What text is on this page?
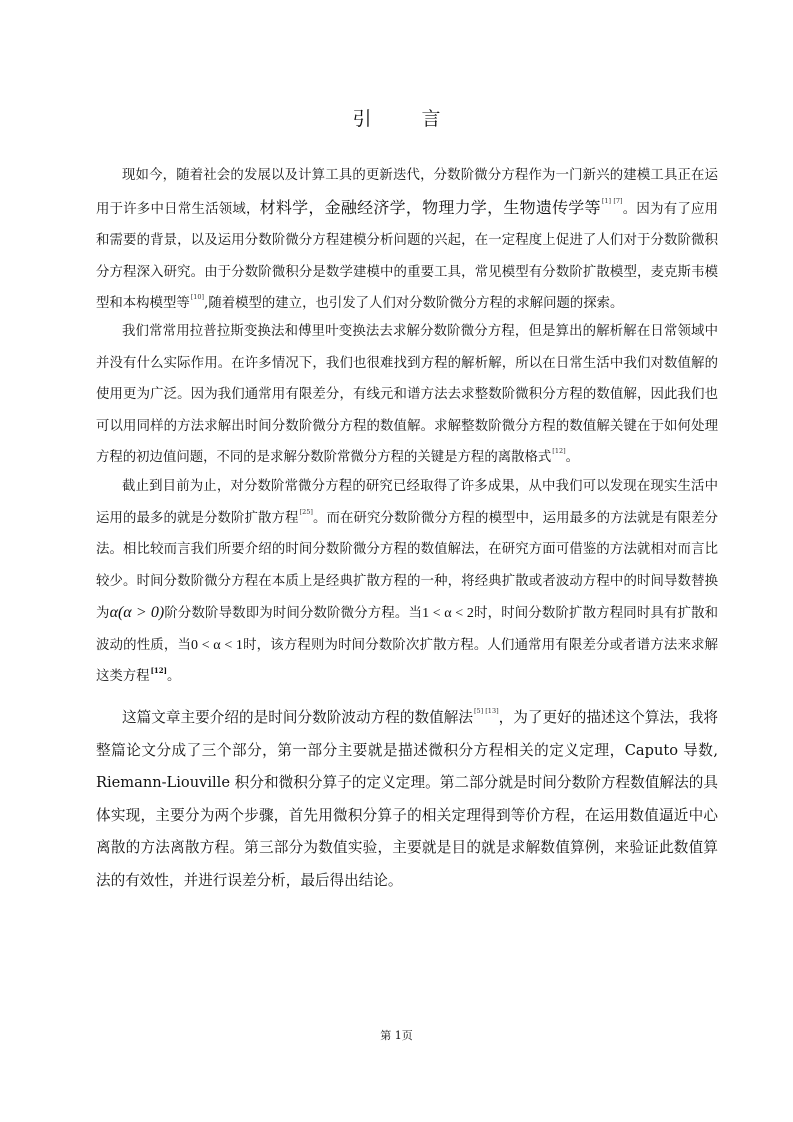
引 言

现如今，随着社会的发展以及计算工具的更新迭代，分数阶微分方程作为一门新兴的建模工具正在运用于许多中日常生活领域，材料学，金融经济学，物理力学，生物遗传学等[1] [7]。因为有了应用和需要的背景，以及运用分数阶微分方程建模分析问题的兴起，在一定程度上促进了人们对于分数阶微积分方程深入研究。由于分数阶微积分是数学建模中的重要工具，常见模型有分数阶扩散模型，麦克斯韦模型和本构模型等[10],随着模型的建立，也引发了人们对分数阶微分方程的求解问题的探索。

我们常常用拉普拉斯变换法和傅里叶变换法去求解分数阶微分方程，但是算出的解析解在日常领域中并没有什么实际作用。在许多情况下，我们也很难找到方程的解析解，所以在日常生活中我们对数值解的使用更为广泛。因为我们通常用有限差分，有线元和谱方法去求整数阶微积分方程的数值解，因此我们也可以用同样的方法求解出时间分数阶微分方程的数值解。求解整数阶微分方程的数值解关键在于如何处理方程的初边值问题，不同的是求解分数阶常微分方程的关键是方程的离散格式[12]。

截止到目前为止，对分数阶常微分方程的研究已经取得了许多成果，从中我们可以发现在现实生活中运用的最多的就是分数阶扩散方程[25]。而在研究分数阶微分方程的模型中，运用最多的方法就是有限差分法。相比较而言我们所要介绍的时间分数阶微分方程的数值解法，在研究方面可借鉴的方法就相对而言比较少。时间分数阶微分方程在本质上是经典扩散方程的一种，将经典扩散或者波动方程中的时间导数替换为α(α > 0)阶分数阶导数即为时间分数阶微分方程。当1 < α < 2时，时间分数阶扩散方程同时具有扩散和波动的性质，当0 < α < 1时，该方程则为时间分数阶次扩散方程。人们通常用有限差分或者谱方法来求解这类方程[12]。

这篇文章主要介绍的是时间分数阶波动方程的数值解法[5] [13]，为了更好的描述这个算法，我将整篇论文分成了三个部分，第一部分主要就是描述微积分方程相关的定义定理，Caputo 导数, Riemann-Liouville 积分和微积分算子的定义定理。第二部分就是时间分数阶方程数值解法的具体实现，主要分为两个步骤，首先用微积分算子的相关定理得到等价方程，在运用数值逼近中心离散的方法离散方程。第三部分为数值实验，主要就是目的就是求解数值算例，来验证此数值算法的有效性，并进行误差分析，最后得出结论。

第 1页
